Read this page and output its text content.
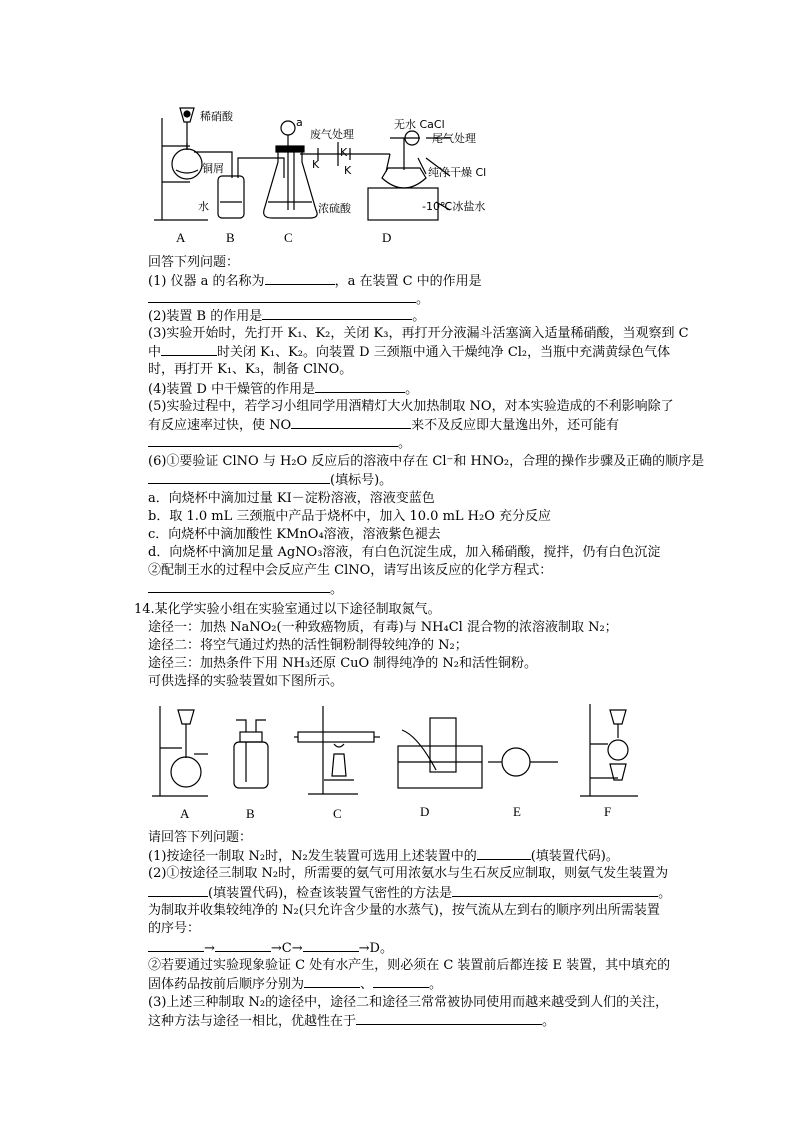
稀硝酸
铜屑
水
a
废气处理
K
K
K
浓硫酸
无水 CaCl
尾气处理
纯净干燥 Cl
-10℃冰盐水
A	B	C	D
回答下列问题：
(1) 仪器 a 的名称为	，a 在装置 C 中的作用是
。
(2)装置 B 的作用是	。
(3)实验开始时，先打开 K₁、K₂，关闭 K₃，再打开分液漏斗活塞滴入适量稀硝酸，当观察到 C
中	时关闭 K₁、K₂。向装置 D 三颈瓶中通入干燥纯净 Cl₂，当瓶中充满黄绿色气体
时，再打开 K₁、K₃，制备 ClNO。
(4)装置 D 中干燥管的作用是	。
(5)实验过程中，若学习小组同学用酒精灯大火加热制取 NO，对本实验造成的不利影响除了
有反应速率过快，使 NO	来不及反应即大量逸出外，还可能有
。
(6)①要验证 ClNO 与 H₂O 反应后的溶液中存在 Cl⁻和 HNO₂，合理的操作步骤及正确的顺序是
(填标号)。
a．向烧杯中滴加过量 KI－淀粉溶液，溶液变蓝色
b．取 1.0 mL 三颈瓶中产品于烧杯中，加入 10.0 mL H₂O 充分反应
c．向烧杯中滴加酸性 KMnO₄溶液，溶液紫色褪去
d．向烧杯中滴加足量 AgNO₃溶液，有白色沉淀生成，加入稀硝酸，搅拌，仍有白色沉淀
②配制王水的过程中会反应产生 ClNO，请写出该反应的化学方程式：
。
14.某化学实验小组在实验室通过以下途径制取氮气。
途径一：加热 NaNO₂(一种致癌物质，有毒)与 NH₄Cl 混合物的浓溶液制取 N₂；
途径二：将空气通过灼热的活性铜粉制得较纯净的 N₂；
途径三：加热条件下用 NH₃还原 CuO 制得纯净的 N₂和活性铜粉。
可供选择的实验装置如下图所示。
A	B	C	D	E	F
请回答下列问题：
(1)按途径一制取 N₂时，N₂发生装置可选用上述装置中的	(填装置代码)。
(2)①按途径三制取 N₂时，所需要的氨气可用浓氨水与生石灰反应制取，则氨气发生装置为
(填装置代码)，检查该装置气密性的方法是	。
为制取并收集较纯净的 N₂(只允许含少量的水蒸气)，按气流从左到右的顺序列出所需装置
的序号：
→	→C→	→D。
②若要通过实验现象验证 C 处有水产生，则必须在 C 装置前后都连接 E 装置，其中填充的
固体药品按前后顺序分别为	、	。
(3)上述三种制取 N₂的途径中，途径二和途径三常常被协同使用而越来越受到人们的关注，
这种方法与途径一相比，优越性在于	。
